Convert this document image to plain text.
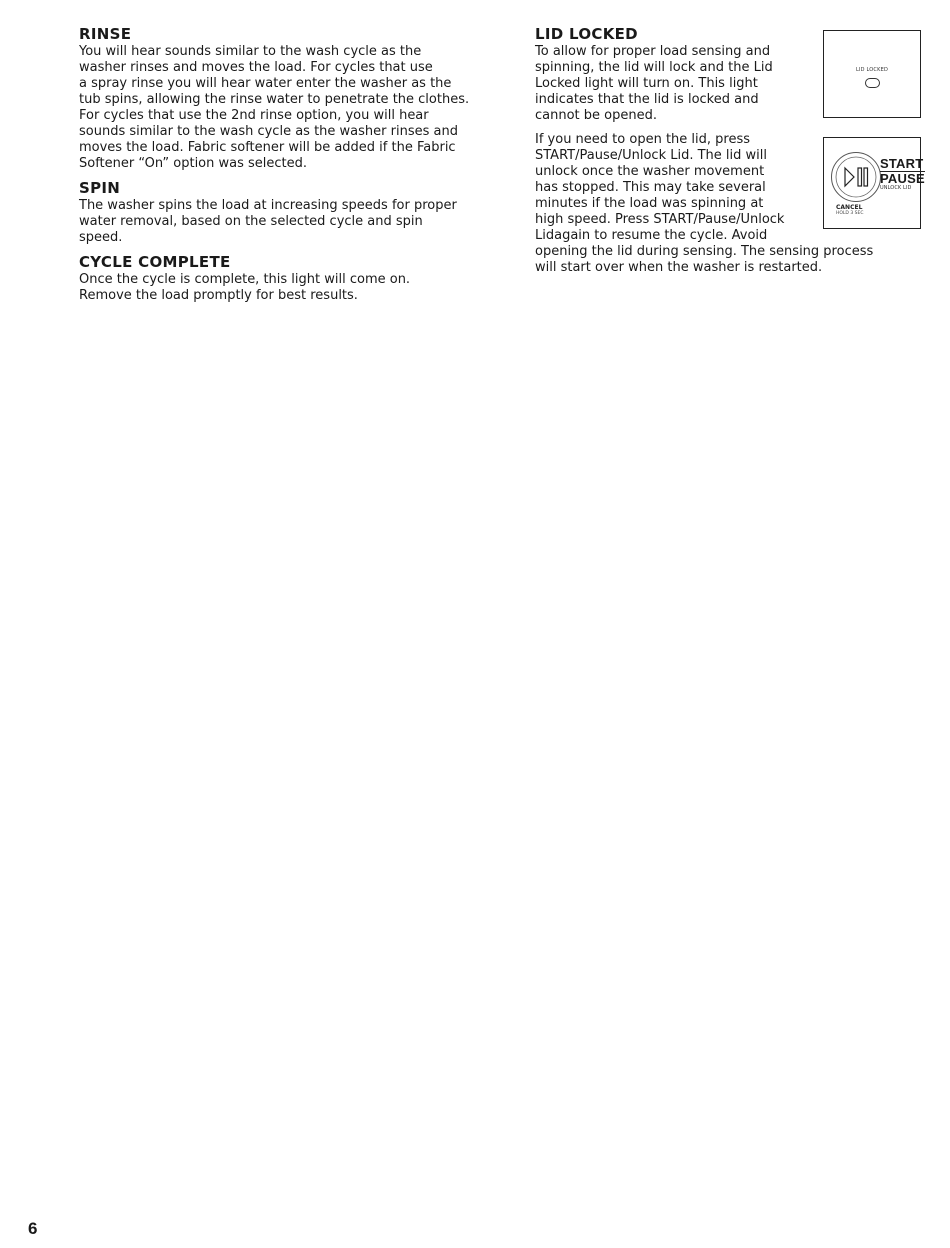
RINSE
You will hear sounds similar to the wash cycle as the
washer rinses and moves the load. For cycles that use
a spray rinse you will hear water enter the washer as the
tub spins, allowing the rinse water to penetrate the clothes.
For cycles that use the 2nd rinse option, you will hear
sounds similar to the wash cycle as the washer rinses and
moves the load. Fabric softener will be added if the Fabric
Softener “On” option was selected.
SPIN
The washer spins the load at increasing speeds for proper
water removal, based on the selected cycle and spin
speed.
CYCLE COMPLETE
Once the cycle is complete, this light will come on.
Remove the load promptly for best results.
LID LOCKED
To allow for proper load sensing and
spinning, the lid will lock and the Lid
Locked light will turn on. This light
indicates that the lid is locked and
cannot be opened.
If you need to open the lid, press
START/Pause/Unlock Lid. The lid will
unlock once the washer movement
has stopped. This may take several
minutes if the load was spinning at
high speed. Press START/Pause/Unlock
Lidagain to resume the cycle. Avoid
opening the lid during sensing. The sensing process
will start over when the washer is restarted.
LID LOCKED
START
PAUSE
UNLOCK LID
CANCEL
HOLD 3 SEC
6
